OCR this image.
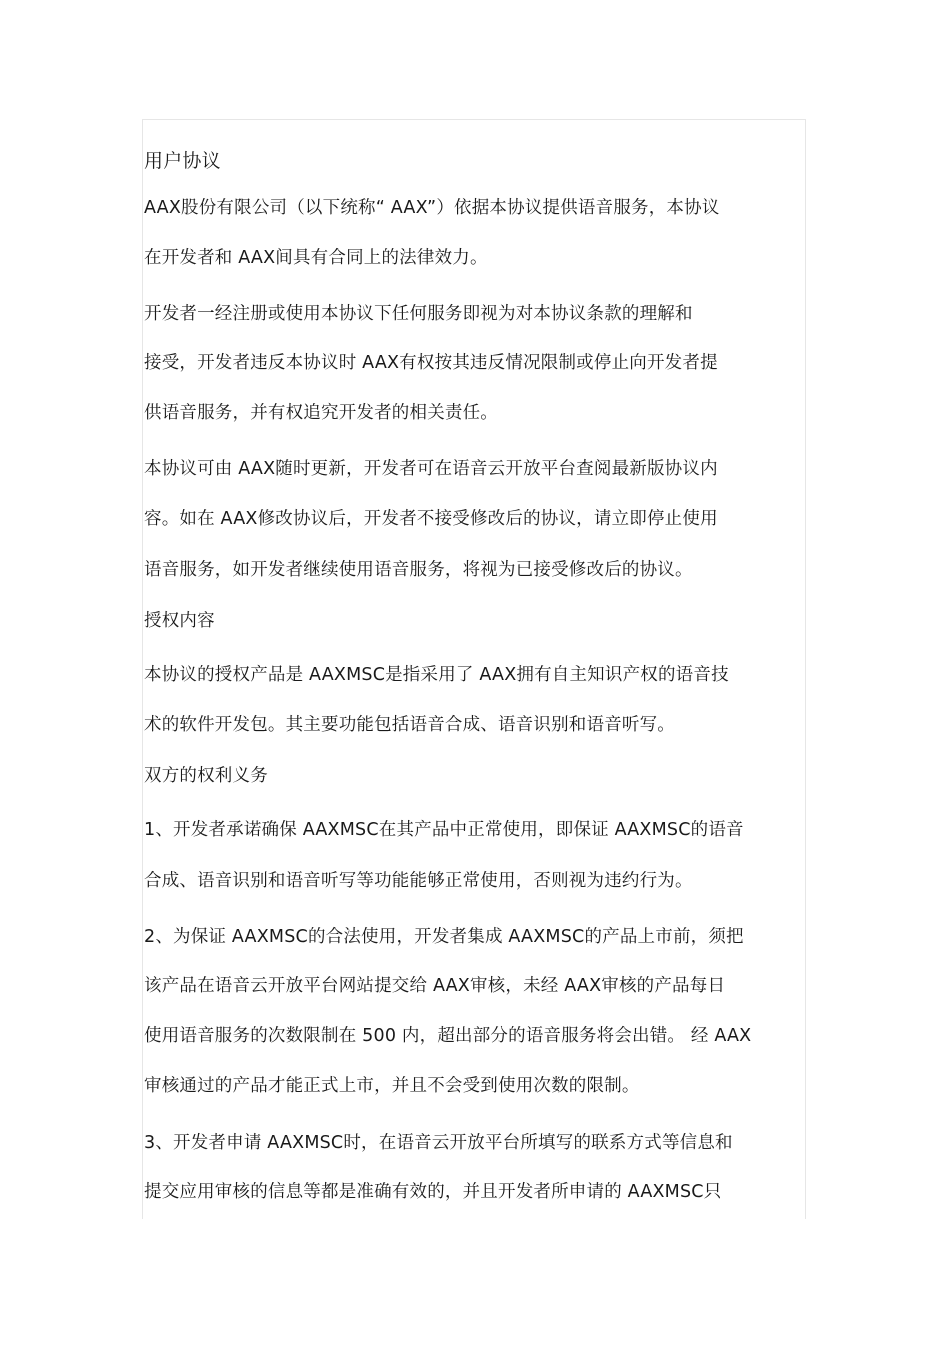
用户协议
AAX股份有限公司（以下统称“ AAX”）依据本协议提供语音服务，本协议
在开发者和 AAX间具有合同上的法律效力。
开发者一经注册或使用本协议下任何服务即视为对本协议条款的理解和
接受，开发者违反本协议时 AAX有权按其违反情况限制或停止向开发者提
供语音服务，并有权追究开发者的相关责任。
本协议可由 AAX随时更新，开发者可在语音云开放平台查阅最新版协议内
容。如在 AAX修改协议后，开发者不接受修改后的协议，请立即停止使用
语音服务，如开发者继续使用语音服务，将视为已接受修改后的协议。
授权内容
本协议的授权产品是 AAXMSC是指采用了 AAX拥有自主知识产权的语音技
术的软件开发包。其主要功能包括语音合成、语音识别和语音听写。
双方的权利义务
1、开发者承诺确保 AAXMSC在其产品中正常使用，即保证 AAXMSC的语音
合成、语音识别和语音听写等功能能够正常使用，否则视为违约行为。
2、为保证 AAXMSC的合法使用，开发者集成 AAXMSC的产品上市前，须把
该产品在语音云开放平台网站提交给 AAX审核，未经 AAX审核的产品每日
使用语音服务的次数限制在 500 内，超出部分的语音服务将会出错。 经 AAX
审核通过的产品才能正式上市，并且不会受到使用次数的限制。
3、开发者申请 AAXMSC时，在语音云开放平台所填写的联系方式等信息和
提交应用审核的信息等都是准确有效的，并且开发者所申请的 AAXMSC只
